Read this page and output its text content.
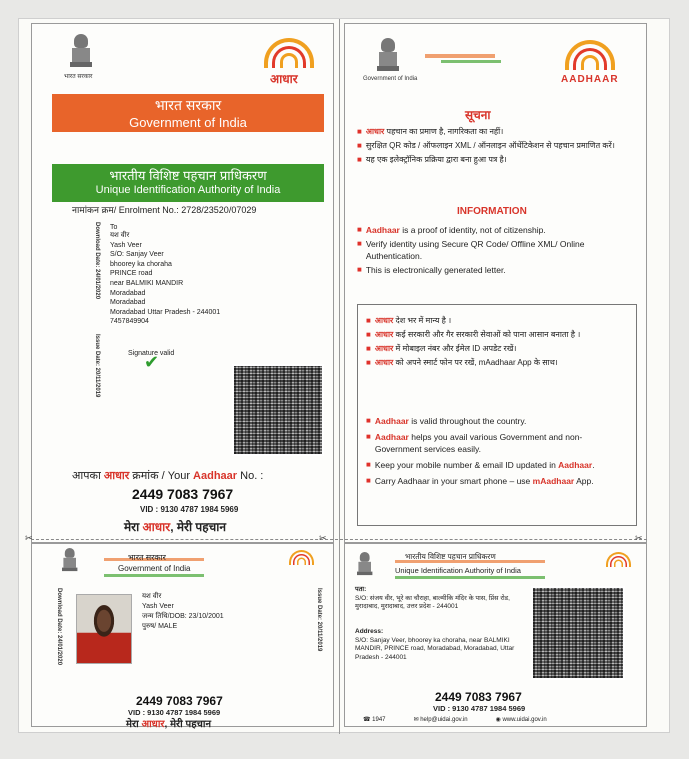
भारत सरकार	आधार
भारत सरकार
Government of India
भारतीय विशिष्ट पहचान प्राधिकरण
Unique Identification Authority of India
नामांकन क्रम/ Enrolment No.: 2728/23520/07029
Download Date: 24/01/2020
Issue Date: 20/11/2019
To
यश वीर
Yash Veer
S/O: Sanjay Veer
bhoorey ka choraha
PRINCE road
near BALMIKI MANDIR
Moradabad
Moradabad
Moradabad Uttar Pradesh - 244001
7457849904
Signature valid
✔
आपका आधार क्रमांक / Your Aadhaar No. :
2449 7083 7967
VID : 9130 4787 1984 5969
मेरा आधार, मेरी पहचान
Government of India	AADHAAR
सूचना
■ आधार पहचान का प्रमाण है, नागरिकता का नहीं।
■ सुरक्षित QR कोड / ऑफलाइन XML / ऑनलाइन ऑथेंटिकेशन से पहचान प्रमाणित करें।
■ यह एक इलेक्ट्रॉनिक प्रक्रिया द्वारा बना हुआ पत्र है।
INFORMATION
■ Aadhaar is a proof of identity, not of citizenship.
■ Verify identity using Secure QR Code/ Offline XML/ Online Authentication.
■ This is electronically generated letter.
■ आधार देश भर में मान्य है ।
■ आधार कई सरकारी और गैर सरकारी सेवाओं को पाना आसान बनाता है ।
■ आधार में मोबाइल नंबर और ईमेल ID अपडेट रखें।
■ आधार को अपने स्मार्ट फोन पर रखें, mAadhaar App के साथ।
■ Aadhaar is valid throughout the country.
■ Aadhaar helps you avail various Government and non-Government services easily.
■ Keep your mobile number & email ID updated in Aadhaar.
■ Carry Aadhaar in your smart phone – use mAadhaar App.
✂	✂	✂
भारत सरकार
Government of India
Download Date: 24/01/2020	Issue Date: 20/11/2019
यश वीर
Yash Veer
जन्म तिथि/DOB: 23/10/2001
पुरुष/ MALE
2449 7083 7967
VID : 9130 4787 1984 5969
मेरा आधार, मेरी पहचान
भारतीय विशिष्ट पहचान प्राधिकरण
Unique Identification Authority of India
पता:
S/O: संजय वीर, भूरे का चौराहा, बाल्मीकि मंदिर के पास, प्रिंस रोड, मुरादाबाद, मुरादाबाद, उत्तर प्रदेश - 244001
Address:
S/O: Sanjay Veer, bhoorey ka choraha, near BALMIKI MANDIR, PRINCE road, Moradabad, Moradabad, Uttar Pradesh - 244001
2449 7083 7967
VID : 9130 4787 1984 5969
☎ 1947	✉ help@uidai.gov.in	◉ www.uidai.gov.in
